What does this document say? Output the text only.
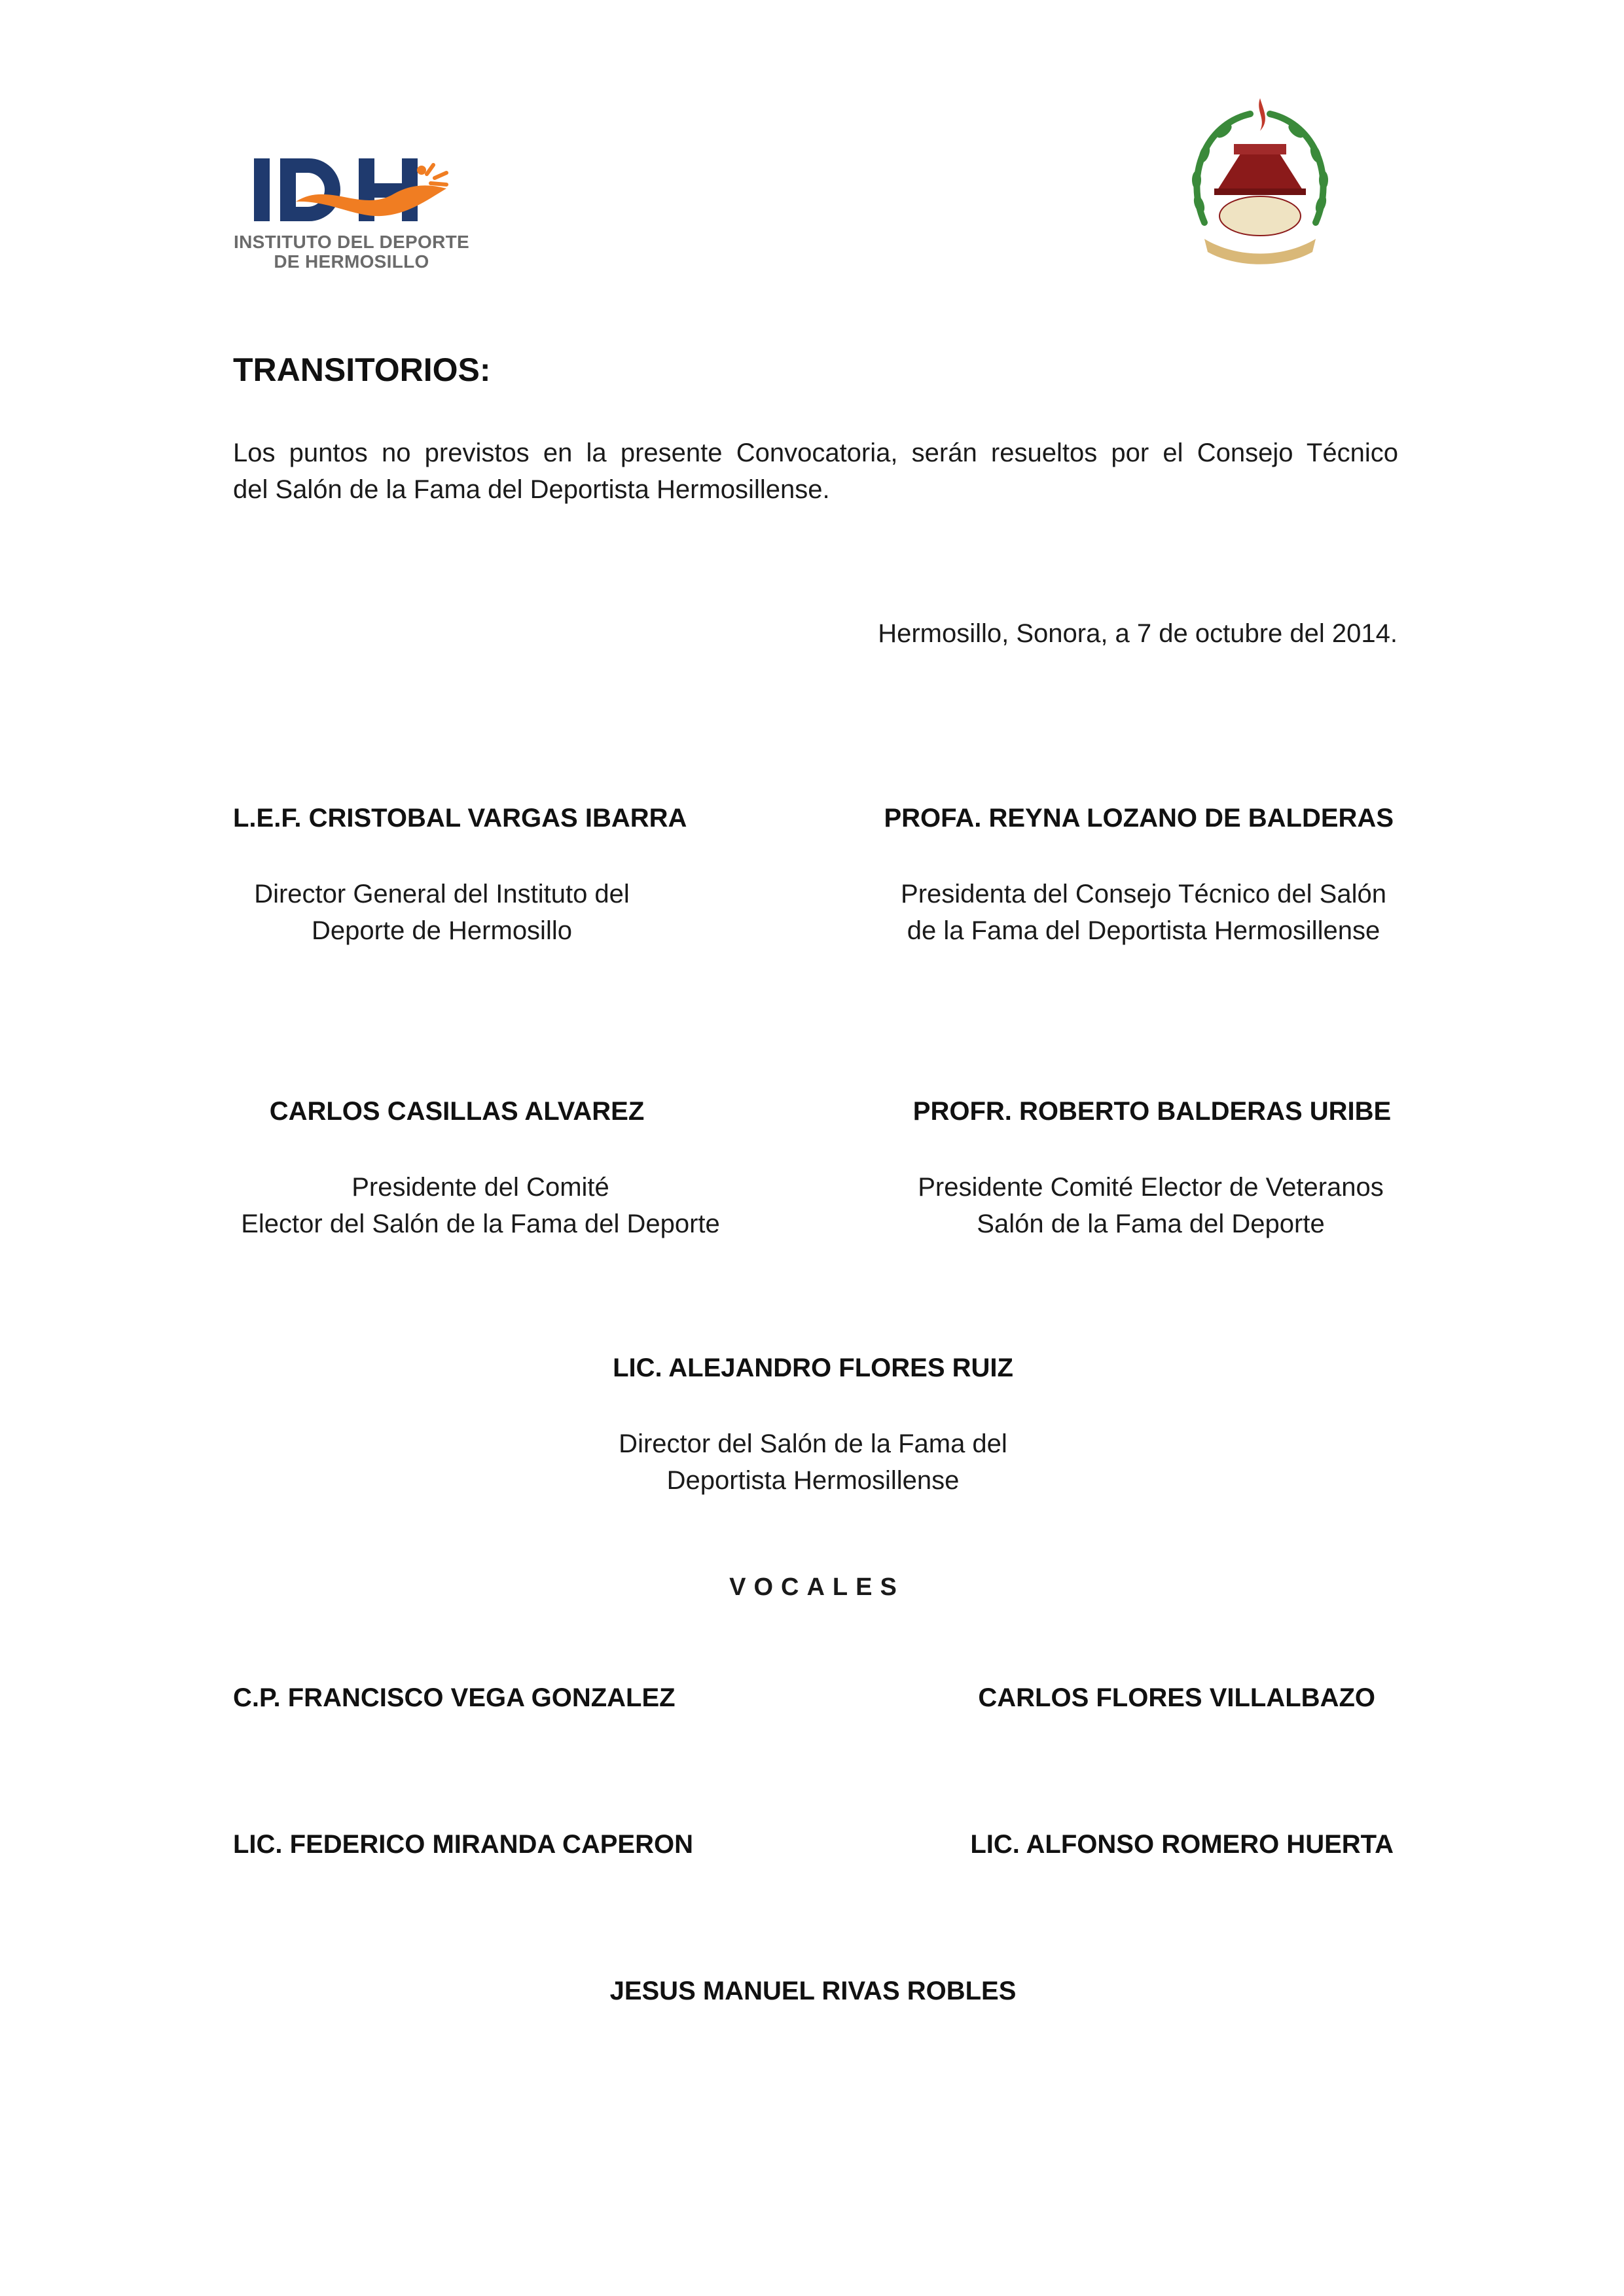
INSTITUTO DEL DEPORTE
DE HERMOSILLO
TRANSITORIOS:
Los puntos no previstos en la presente Convocatoria, serán resueltos por el Consejo Técnico
del Salón de la Fama del Deportista Hermosillense.
Hermosillo, Sonora, a 7 de octubre del 2014.
L.E.F. CRISTOBAL VARGAS IBARRA
Director General del Instituto del
Deporte de Hermosillo
PROFA. REYNA LOZANO DE BALDERAS
Presidenta del Consejo Técnico del Salón
de la Fama del Deportista Hermosillense
CARLOS CASILLAS ALVAREZ
Presidente del Comité
Elector del Salón de la Fama del Deporte
PROFR. ROBERTO BALDERAS URIBE
Presidente Comité Elector de Veteranos
Salón de la Fama del Deporte
LIC. ALEJANDRO FLORES RUIZ
Director del Salón de la Fama del
Deportista Hermosillense
VOCALES
C.P. FRANCISCO VEGA GONZALEZ	CARLOS FLORES VILLALBAZO
LIC. FEDERICO MIRANDA CAPERON	LIC. ALFONSO ROMERO HUERTA
JESUS MANUEL RIVAS ROBLES
